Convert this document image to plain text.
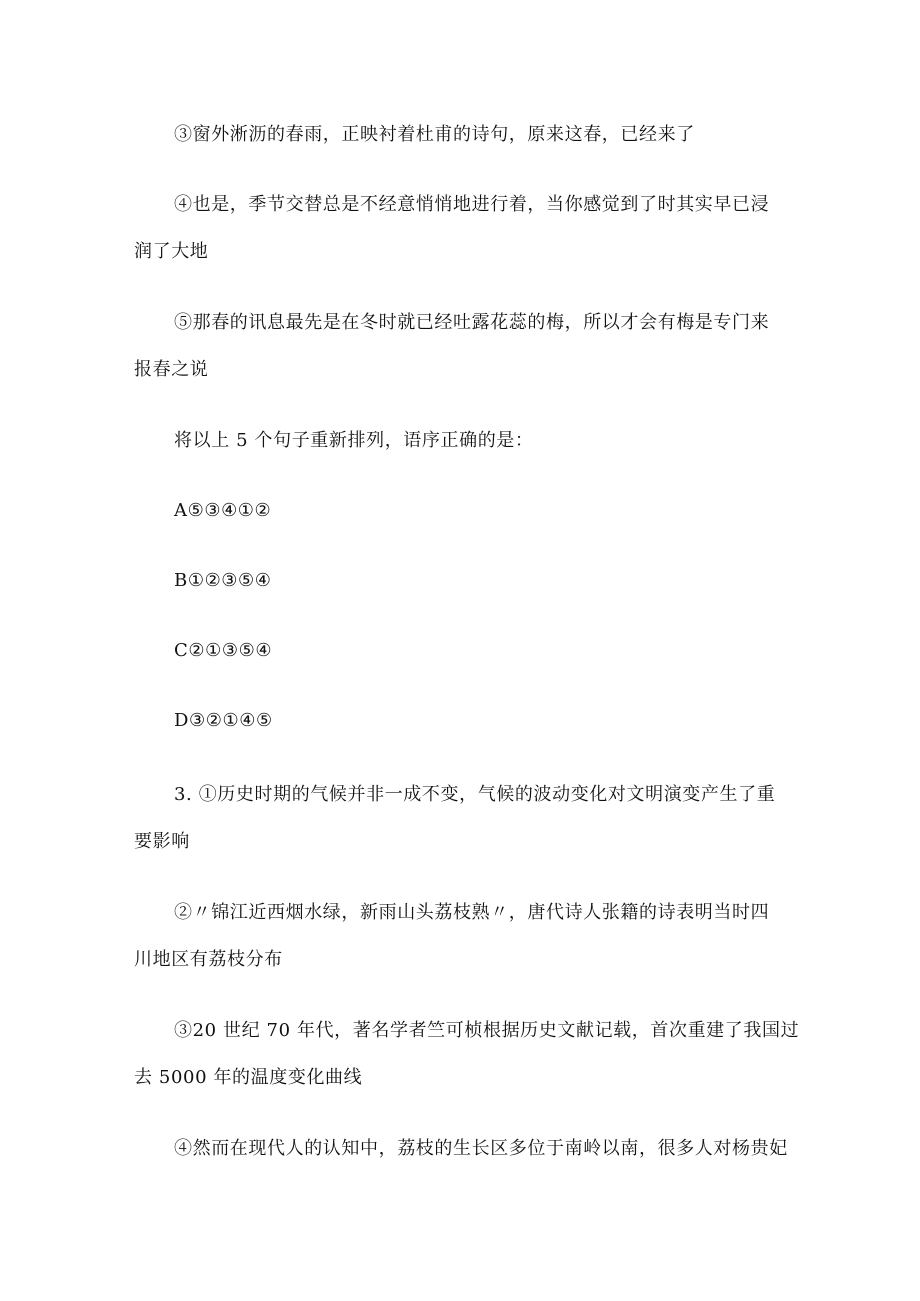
③窗外淅沥的春雨，正映衬着杜甫的诗句，原来这春，已经来了
④也是，季节交替总是不经意悄悄地进行着，当你感觉到了时其实早已浸
润了大地
⑤那春的讯息最先是在冬时就已经吐露花蕊的梅，所以才会有梅是专门来
报春之说
将以上 5 个句子重新排列，语序正确的是：
A⑤③④①②
B①②③⑤④
C②①③⑤④
D③②①④⑤
3. ①历史时期的气候并非一成不变，气候的波动变化对文明演变产生了重
要影响
②〃锦江近西烟水绿，新雨山头荔枝熟〃，唐代诗人张籍的诗表明当时四
川地区有荔枝分布
③20 世纪 70 年代，著名学者竺可桢根据历史文献记载，首次重建了我国过
去 5000 年的温度变化曲线
④然而在现代人的认知中，荔枝的生长区多位于南岭以南，很多人对杨贵妃
